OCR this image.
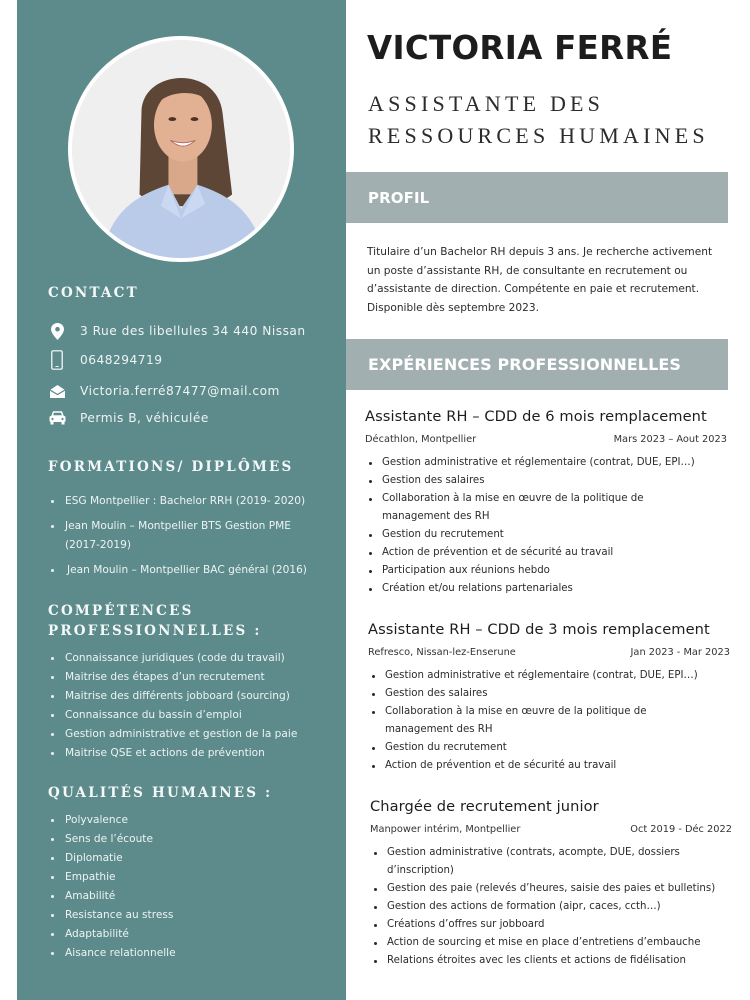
CONTACT
3 Rue des libellules 34 440 Nissan
0648294719
Victoria.ferré87477@mail.com
Permis B, véhiculée
FORMATIONS/ DIPLÔMES
ESG Montpellier : Bachelor RRH (2019- 2020)
Jean Moulin – Montpellier BTS Gestion PME (2017-2019)
Jean Moulin – Montpellier BAC général (2016)
COMPÉTENCES
PROFESSIONNELLES :
Connaissance juridiques (code du travail)
Maitrise des étapes d’un recrutement
Maitrise des différents jobboard (sourcing)
Connaissance du bassin d’emploi
Gestion administrative et gestion de la paie
Maitrise QSE et actions de prévention
QUALITÉS HUMAINES :
Polyvalence
Sens de l’écoute
Diplomatie
Empathie
Amabilité
Resistance au stress
Adaptabilité
Aisance relationnelle
VICTORIA FERRÉ
ASSISTANTE DES
RESSOURCES HUMAINES
PROFIL

Titulaire d’un Bachelor RH depuis 3 ans. Je recherche activement un poste d’assistante RH, de consultante en recrutement ou d’assistante de direction. Compétente en paie et recrutement. Disponible dès septembre 2023.

EXPÉRIENCES PROFESSIONNELLES
Assistante RH – CDD de 6 mois remplacement
Décathlon, Montpellier	Mars 2023 – Aout 2023
Gestion administrative et réglementaire (contrat, DUE, EPI…)
Gestion des salaires
Collaboration à la mise en œuvre de la politique de management des RH
Gestion du recrutement
Action de prévention et de sécurité au travail
Participation aux réunions hebdo
Création et/ou relations partenariales
Assistante RH – CDD de 3 mois remplacement
Refresco, Nissan-lez-Enserune	Jan 2023 - Mar 2023
Gestion administrative et réglementaire (contrat, DUE, EPI…)
Gestion des salaires
Collaboration à la mise en œuvre de la politique de management des RH
Gestion du recrutement
Action de prévention et de sécurité au travail
Chargée de recrutement junior
Manpower intérim, Montpellier	Oct 2019 - Déc 2022
Gestion administrative (contrats, acompte, DUE, dossiers d’inscription)
Gestion des paie (relevés d’heures, saisie des paies et bulletins)
Gestion des actions de formation (aipr, caces, ccth…)
Créations d’offres sur jobboard
Action de sourcing et mise en place d’entretiens d’embauche
Relations étroites avec les clients et actions de fidélisation
